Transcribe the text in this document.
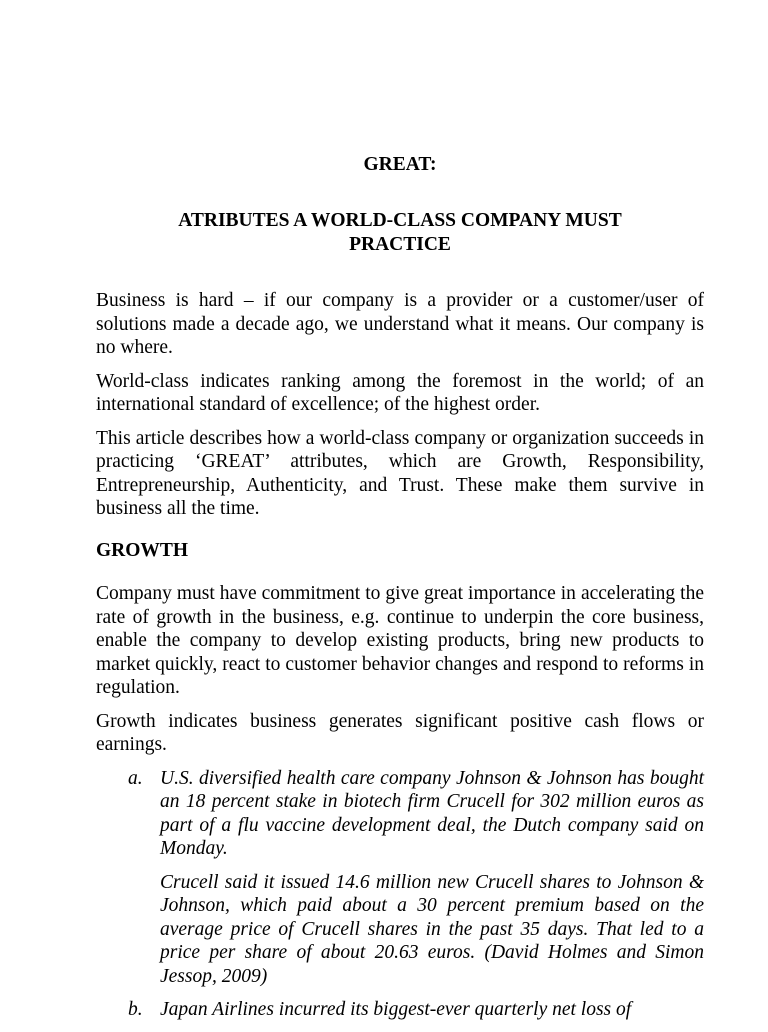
GREAT:

ATRIBUTES A WORLD-CLASS COMPANY MUST PRACTICE

Business is hard – if our company is a provider or a customer/user of solutions made a decade ago, we understand what it means. Our company is no where.

World-class indicates ranking among the foremost in the world; of an international standard of excellence; of the highest order.

This article describes how a world-class company or organization succeeds in practicing ‘GREAT’ attributes, which are Growth, Responsibility, Entrepreneurship, Authenticity, and Trust. These make them survive in business all the time.

GROWTH

Company must have commitment to give great importance in accelerating the rate of growth in the business, e.g. continue to underpin the core business, enable the company to develop existing products, bring new products to market quickly, react to customer behavior changes and respond to reforms in regulation.

Growth indicates business generates significant positive cash flows or earnings.

a. U.S. diversified health care company Johnson & Johnson has bought an 18 percent stake in biotech firm Crucell for 302 million euros as part of a flu vaccine development deal, the Dutch company said on Monday.

Crucell said it issued 14.6 million new Crucell shares to Johnson & Johnson, which paid about a 30 percent premium based on the average price of Crucell shares in the past 35 days. That led to a price per share of about 20.63 euros. (David Holmes and Simon Jessop, 2009)

b. Japan Airlines incurred its biggest-ever quarterly net loss of
